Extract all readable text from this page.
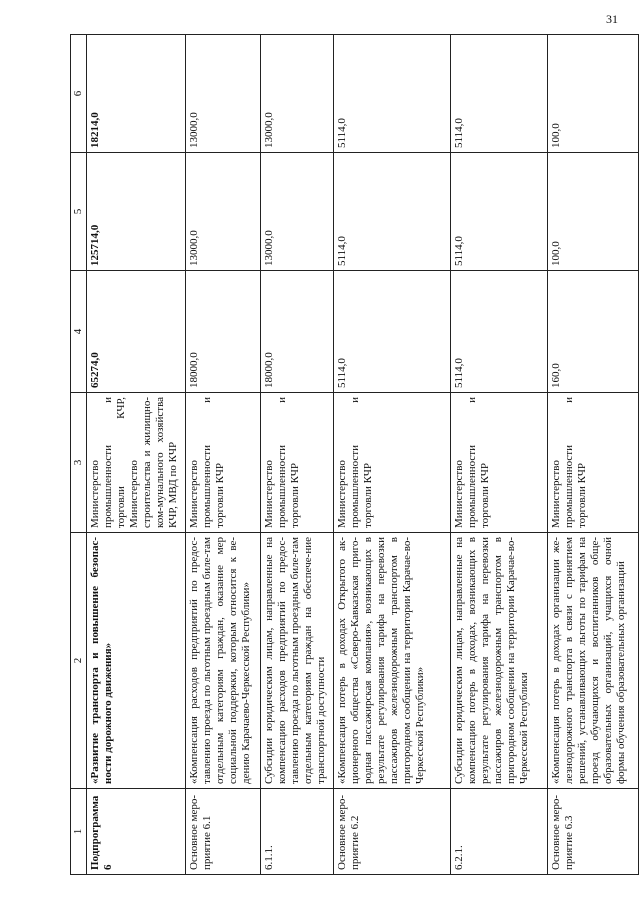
31
1	2	3	4	5	6
Подпрограмма 6	«Развитие транспорта и повышение безопас-ности дорожного движения»	Министерство промышленности и торговли КЧР, Министерство строительства и жилищно-ком-мунального хозяйства КЧР, МВД по КЧР	65274,0	125714,0	18214,0
Основное меро-приятие 6.1	«Компенсация расходов предприятий по предос-тавлению проезда по льготным проездным биле-там отдельным категориям граждан, оказание мер социальной поддержки, которым относится к ве-дению Карачаево-Черкесской Республики»	Министерство промышленности и торговли КЧР	18000,0	13000,0	13000,0
6.1.1.	Субсидии юридическим лицам, направленные на компенсацию расходов предприятий по предос-тавлению проезда по льготным проездным биле-там отдельным категориям граждан на обеспече-ние транспортной доступности	Министерство промышленности и торговли КЧР	18000,0	13000,0	13000,0
Основное меро-приятие 6.2	«Компенсация потерь в доходах Открытого ак-ционерного общества «Северо-Кавказская приго-родная пассажирская компания», возникающих в результате регулирования тарифа на перевозки пассажиров железнодорожным транспортом в пригородном сообщении на территории Карачае-во-Черкесской Республики»	Министерство промышленности и торговли КЧР	5114,0	5114,0	5114,0
6.2.1.	Субсидии юридическим лицам, направленные на компенсацию потерь в доходах, возникающих в результате регулирования тарифа на перевозки пассажиров железнодорожным транспортом в пригородном сообщении на территории Карачае-во-Черкесской Республики	Министерство промышленности и торговли КЧР	5114,0	5114,0	5114,0
Основное меро-приятие 6.3	«Компенсация потерь в доходах организации же-лезнодорожного транспорта в связи с принятием решений, устанавливающих льготы по тарифам на проезд обучающихся и воспитанников обще-образовательных организаций, учащихся очной формы обучения образовательных организаций	Министерство промышленности и торговли КЧР	160,0	100,0	100,0
